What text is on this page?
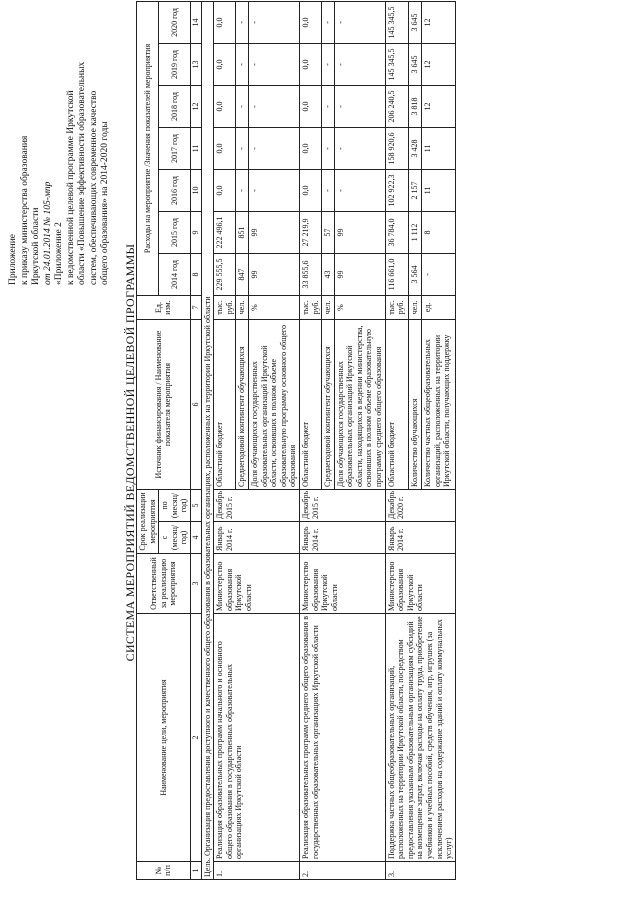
Приложение к приказу министерства образования Иркутской области от 24.01.2014 № 105-мпр «Приложение 2 к ведомственной целевой программе Иркутской области «Повышение эффективности образовательных систем, обеспечивающих современное качество общего образования» на 2014-2020 годы
СИСТЕМА МЕРОПРИЯТИЙ ВЕДОМСТВЕННОЙ ЦЕЛЕВОЙ ПРОГРАММЫ
№ п/п	Наименование цели, мероприятия	Ответственный за реализацию мероприятия	Срок реализации мероприятия		Источник финансирования / Наименование показателя мероприятия	Ед. изм.	Расходы на мероприятие /Значения показателей мероприятия						
			с (месяц/ год)	по (месяц/ год)			2014 год	2015 год	2016 год	2017 год	2018 год	2019 год	2020 год
1	2	3	4	5	6	7	8	9	10	11	12	13	14
Цель. Организация предоставления доступного и качественного общего образования в образовательных организациях, расположенных на территории Иркутской области													
1.	Реализация образовательных программ начального и основного общего образования в государственных образовательных организациях Иркутской области	Министерство образования Иркутской области	Январь 2014 г.	Декабрь 2015 г.	Областной бюджет	тыс. руб.	229 555,5	222 496,1	0,0	0,0	0,0	0,0	0,0
					Среднегодовой контингент обучающихся	чел.	847	851	-	-	-	-	-
					Доля обучающихся государственных образовательных организаций Иркутской области, освоивших в полном объеме образовательную программу основного общего образования	%	99	99	-	-	-	-	-
2.	Реализация образовательных программ среднего общего образования в государственных образовательных организациях Иркутской области	Министерство образования Иркутской области	Январь 2014 г.	Декабрь 2015 г.	Областной бюджет	тыс. руб.	33 855,6	27 219,9	0,0	0,0	0,0	0,0	0,0
					Среднегодовой контингент обучающихся	чел.	43	57	-	-	-	-	-
					Доля обучающихся государственных образовательных организаций Иркутской области, находящихся в ведении министерства, освоивших в полном объеме образовательную программу среднего общего образования	%	99	99	-	-	-	-	-
3.	Поддержка частных общеобразовательных организаций, расположенных на территории Иркутской области, посредством предоставления указанным образовательным организациям субсидий на возмещение затрат, включая расходы на оплату труда, приобретение учебников и учебных пособий, средств обучения, игр, игрушек (за исключением расходов на содержание зданий и оплату коммунальных услуг)	Министерство образования Иркутской области	Январь 2014 г.	Декабрь 2020 г.	Областной бюджет	тыс. руб.	116 661,0	36 784,0	102 922,3	158 920,6	206 240,5	145 345,5	145 345,5
					Количество обучающихся	чел.	3 564	1 112	2 157	3 428	3 818	3 645	3 645
					Количество частных общеобразовательных организаций, расположенных на территории Иркутской области, получающих поддержку	ед.	-	8	11	11	12	12	12
